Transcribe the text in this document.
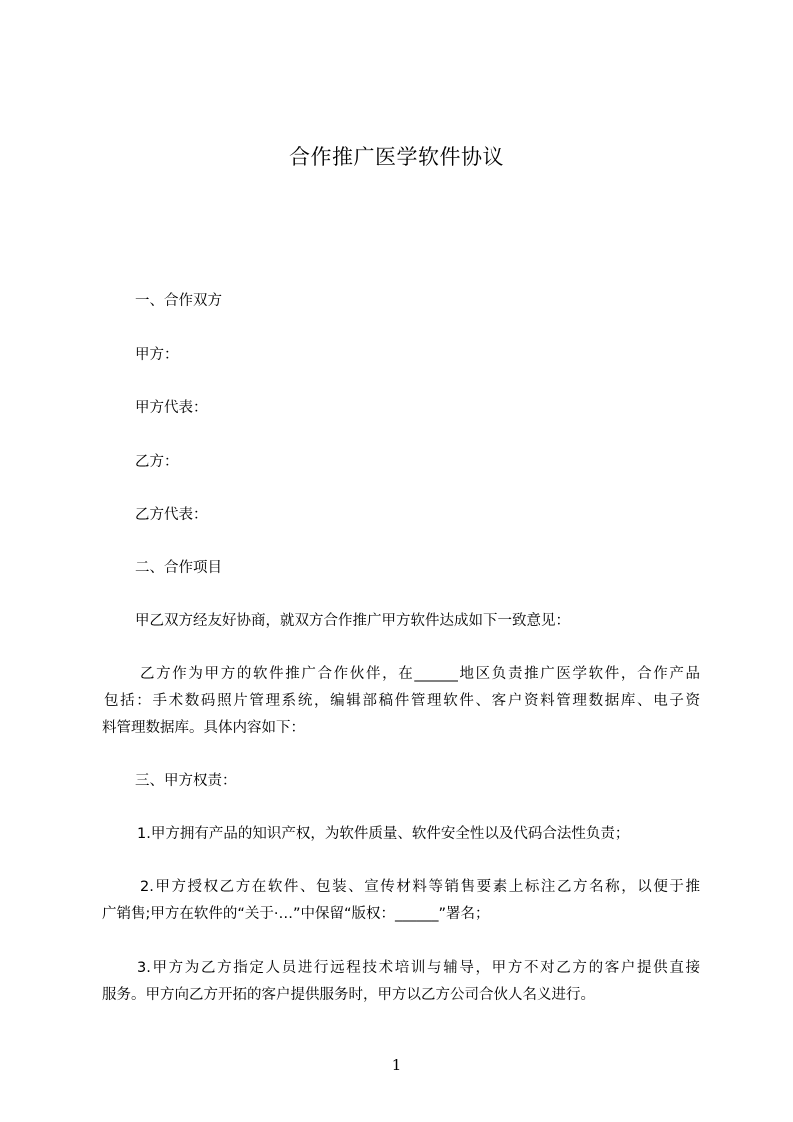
合作推广医学软件协议
一、合作双方
甲方：
甲方代表：
乙方：
乙方代表：
二、合作项目
甲乙双方经友好协商，就双方合作推广甲方软件达成如下一致意见：
乙方作为甲方的软件推广合作伙伴，在______地区负责推广医学软件，合作产品
包括：手术数码照片管理系统，编辑部稿件管理软件、客户资料管理数据库、电子资
料管理数据库。具体内容如下：
三、甲方权责：
1.甲方拥有产品的知识产权，为软件质量、软件安全性以及代码合法性负责；
2.甲方授权乙方在软件、包装、宣传材料等销售要素上标注乙方名称，以便于推
广销售;甲方在软件的“关于·…”中保留“版权：______”署名；
3.甲方为乙方指定人员进行远程技术培训与辅导，甲方不对乙方的客户提供直接
服务。甲方向乙方开拓的客户提供服务时，甲方以乙方公司合伙人名义进行。
1
